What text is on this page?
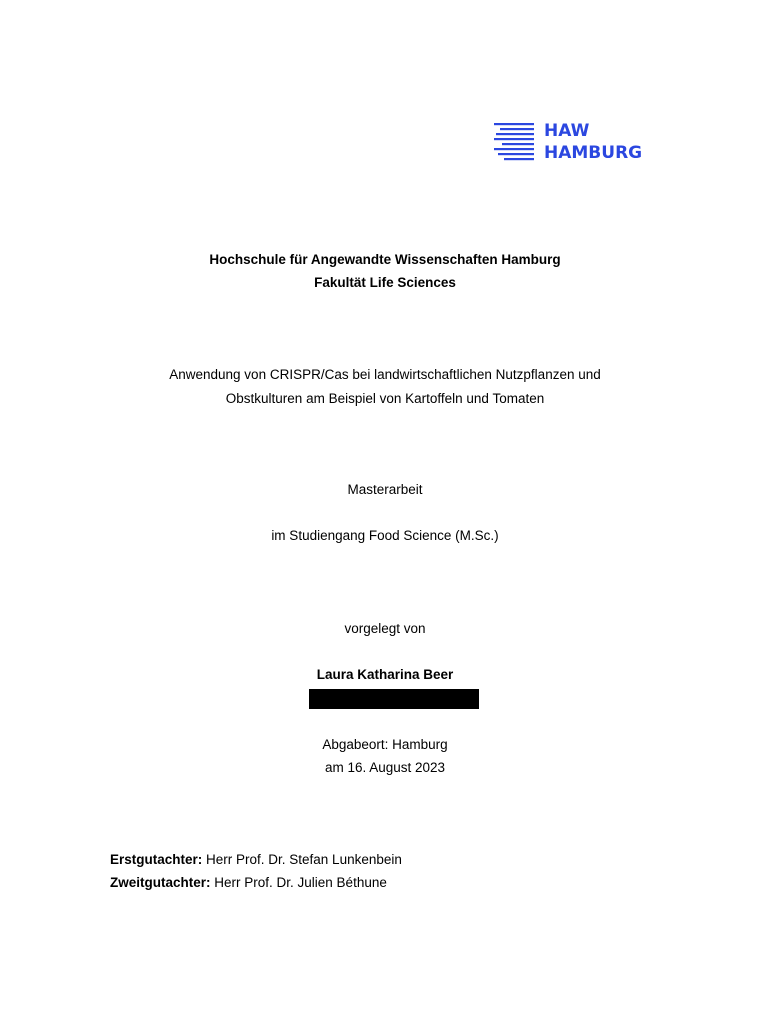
HAW
HAMBURG
Hochschule für Angewandte Wissenschaften Hamburg
Fakultät Life Sciences
Anwendung von CRISPR/Cas bei landwirtschaftlichen Nutzpflanzen und
Obstkulturen am Beispiel von Kartoffeln und Tomaten
Masterarbeit
im Studiengang Food Science (M.Sc.)
vorgelegt von
Laura Katharina Beer
Abgabeort: Hamburg
am 16. August 2023
Erstgutachter: Herr Prof. Dr. Stefan Lunkenbein
Zweitgutachter: Herr Prof. Dr. Julien Béthune
